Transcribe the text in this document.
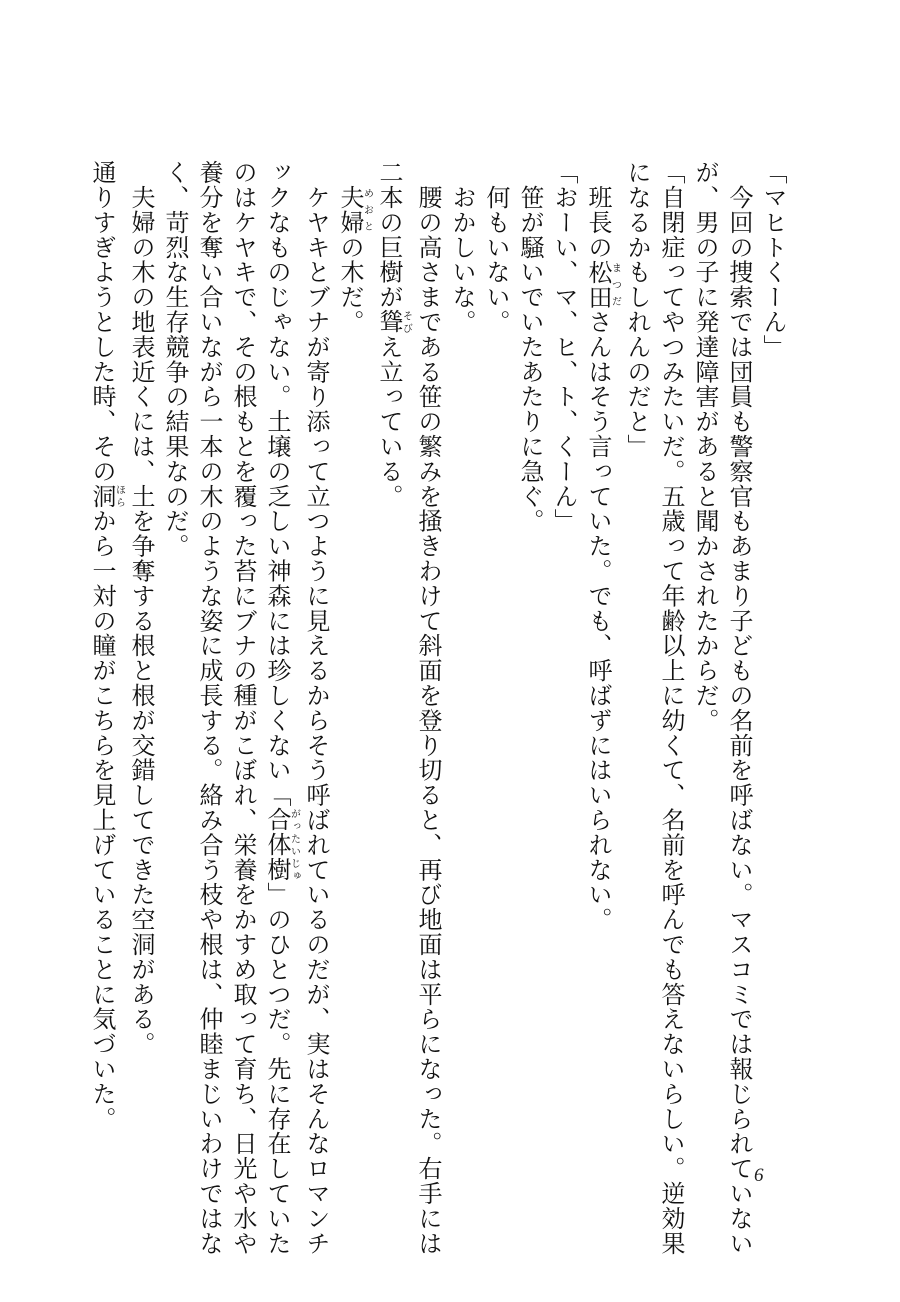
「マヒトくーん」
　今回の捜索では団員も警察官もあまり子どもの名前を呼ばない。マスコミでは報じられていない
が、男の子に発達障害があると聞かされたからだ。
「自閉症ってやつみたいだ。五歳って年齢以上に幼くて、名前を呼んでも答えないらしい。逆効果
になるかもしれんのだと」
　班長の松田まつださんはそう言っていた。でも、呼ばずにはいられない。
「おーい、マ、ヒ、ト、くーん」
　笹が騒いでいたあたりに急ぐ。
　何もいない。
　おかしいな。
　腰の高さまである笹の繁みを掻きわけて斜面を登り切ると、再び地面は平らになった。右手には
二本の巨樹が聳そびえ立っている。
　夫婦めおとの木だ。
　ケヤキとブナが寄り添って立つように見えるからそう呼ばれているのだが、実はそんなロマンチ
ックなものじゃない。土壌の乏しい神森には珍しくない「合体樹がったいじゅ」のひとつだ。先に存在していた
のはケヤキで、その根もとを覆った苔にブナの種がこぼれ、栄養をかすめ取って育ち、日光や水や
養分を奪い合いながら一本の木のような姿に成長する。絡み合う枝や根は、仲睦まじいわけではな
く、苛烈な生存競争の結果なのだ。
　夫婦の木の地表近くには、土を争奪する根と根が交錯してできた空洞がある。
通りすぎようとした時、その洞ほらから一対の瞳がこちらを見上げていることに気づいた。
6
